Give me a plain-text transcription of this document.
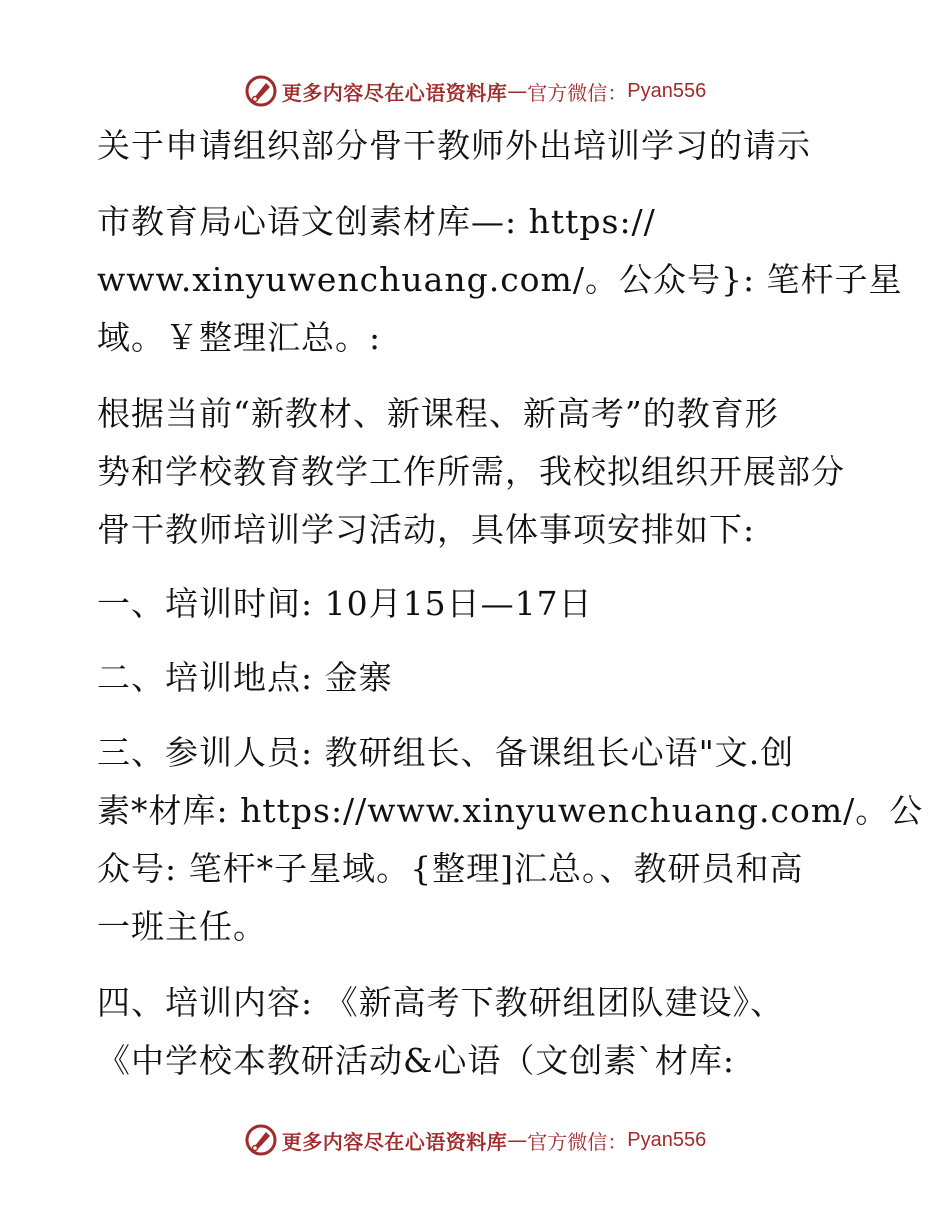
更多内容尽在心语资料库 — 官方微信： Pyan556
关于申请组织部分骨干教师外出培训学习的请示
市教育局心语文创素材库—: https://
www.xinyuwenchuang.com/。公众号}: 笔杆子星
域。￥整理汇总。:
根据当前“新教材、新课程、新高考”的教育形
势和学校教育教学工作所需，我校拟组织开展部分
骨干教师培训学习活动，具体事项安排如下:
一、培训时间: 10月15日—17日
二、培训地点: 金寨
三、参训人员: 教研组长、备课组长心语"文.创
素*材库: https://www.xinyuwenchuang.com/。公
众号: 笔杆*子星域。{整理]汇总。、教研员和高
一班主任。
四、培训内容: 《新高考下教研组团队建设》、
《中学校本教研活动&心语（文创素`材库:
更多内容尽在心语资料库 — 官方微信： Pyan556
